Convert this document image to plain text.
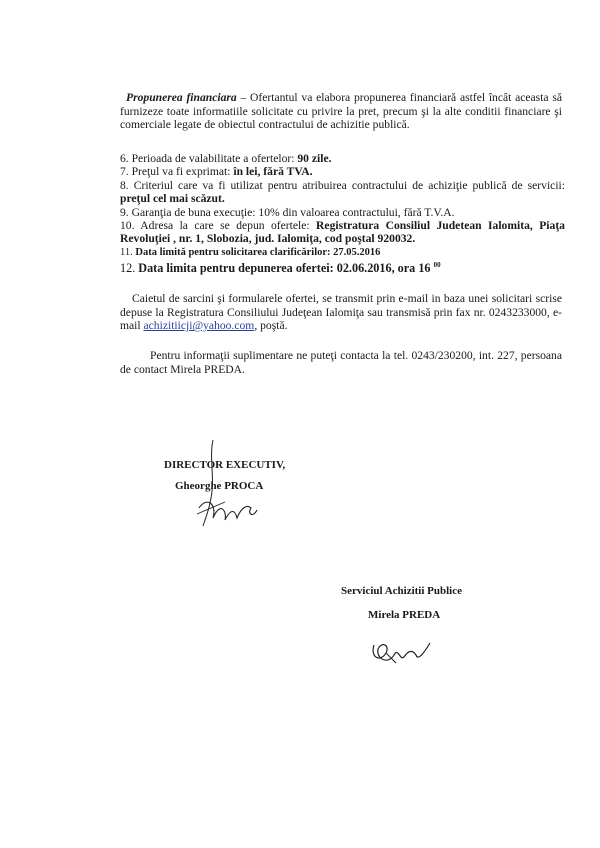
Propunerea financiara – Ofertantul va elabora propunerea financiară astfel încât aceasta să furnizeze toate informatiile solicitate cu privire la pret, precum şi la alte conditii financiare şi comerciale legate de obiectul contractului de achizitie publică.
6. Perioada de valabilitate a ofertelor: 90 zile.
7. Preţul va fi exprimat: în lei, fără TVA.
8. Criteriul care va fi utilizat pentru atribuirea contractului de achiziţie publică de servicii: preţul cel mai scăzut.
9. Garanţia de buna execuţie: 10% din valoarea contractului, fără T.V.A.
10. Adresa la care se depun ofertele: Registratura Consiliul Judetean Ialomita, Piaţa Revoluţiei , nr. 1, Slobozia, jud. Ialomiţa, cod poştal 920032.
11. Data limită pentru solicitarea clarificărilor: 27.05.2016
12. Data limita pentru depunerea ofertei: 02.06.2016, ora 16 $^{00}$
Caietul de sarcini şi formularele ofertei, se transmit prin e-mail in baza unei solicitari scrise depuse la Registratura Consiliului Judeţean Ialomiţa sau transmisă prin fax nr. 0243233000, e-mail achizitiicji@yahoo.com, poştă.
Pentru informaţii suplimentare ne puteţi contacta la tel. 0243/230200, int. 227, persoana de contact Mirela PREDA.
DIRECTOR EXECUTIV,
Gheorghe PROCA
Serviciul Achizitii Publice
Mirela PREDA
